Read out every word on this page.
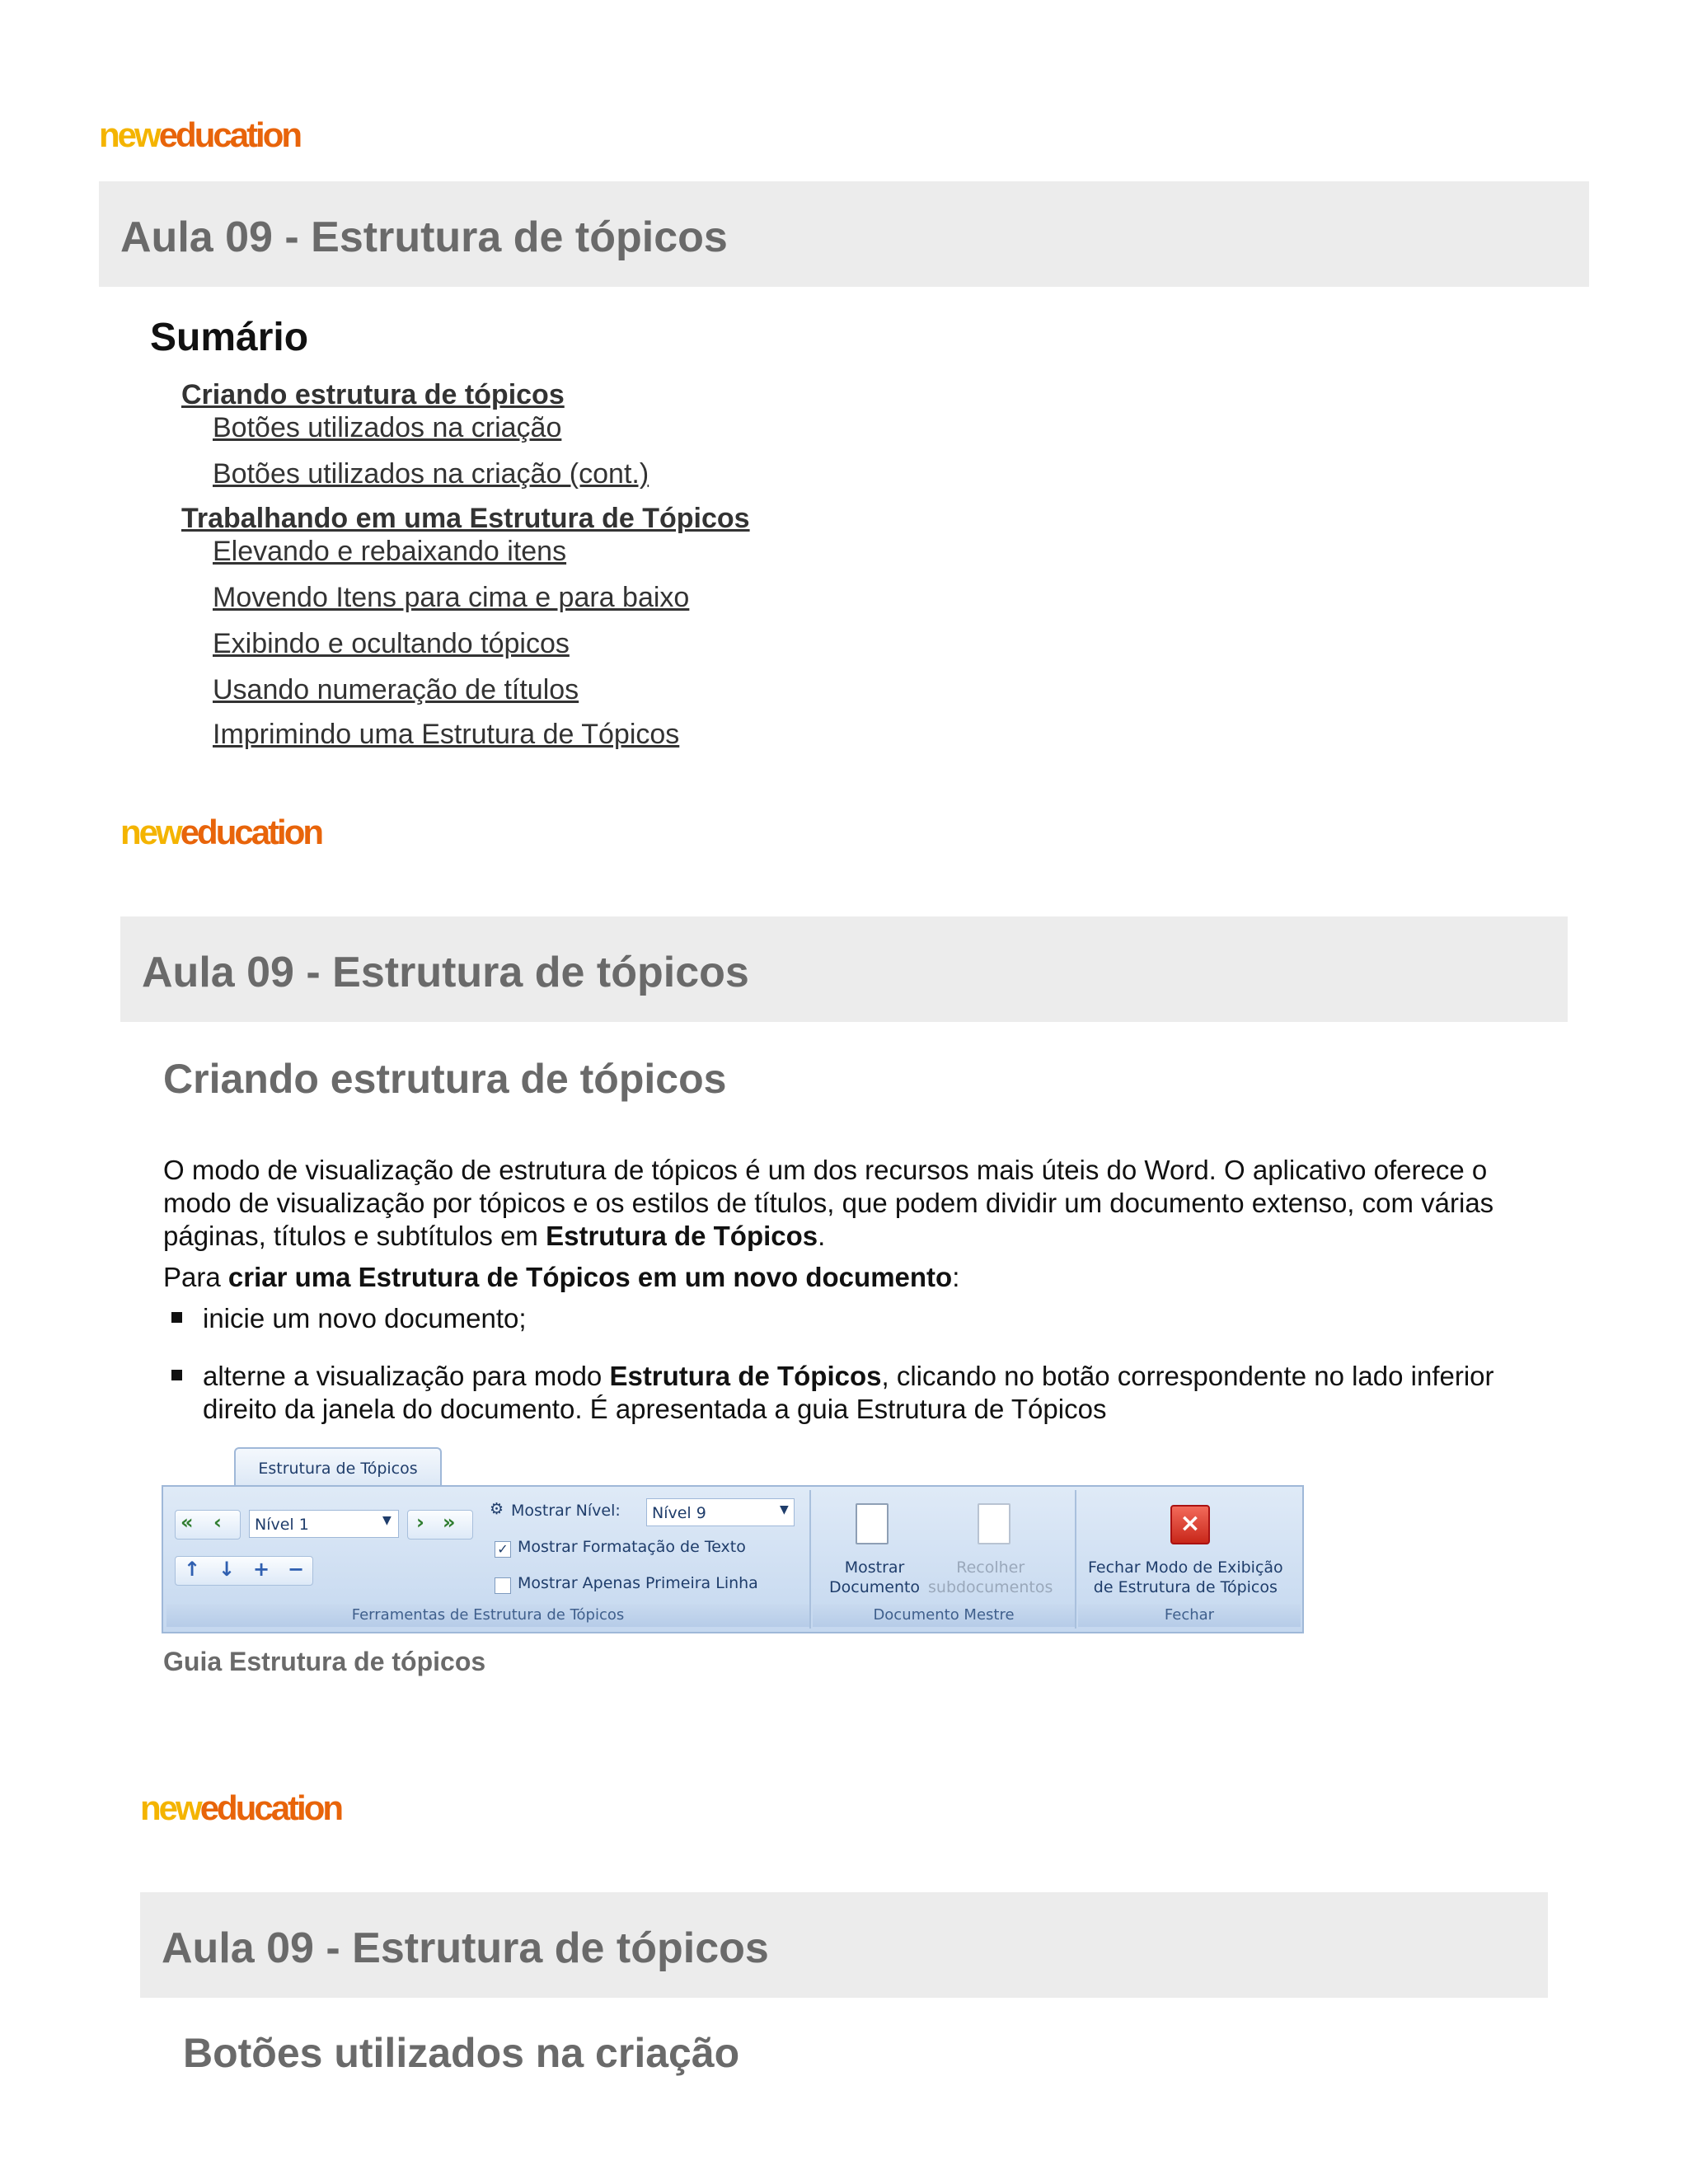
neweducation
Aula 09 - Estrutura de tópicos
Sumário
Criando estrutura de tópicos
Botões utilizados na criação
Botões utilizados na criação (cont.)
Trabalhando em uma Estrutura de Tópicos
Elevando e rebaixando itens
Movendo Itens para cima e para baixo
Exibindo e ocultando tópicos
Usando numeração de títulos
Imprimindo uma Estrutura de Tópicos
neweducation
Aula 09 - Estrutura de tópicos
Criando estrutura de tópicos
O modo de visualização de estrutura de tópicos é um dos recursos mais úteis do Word. O aplicativo oferece o modo de visualização por tópicos e os estilos de títulos, que podem dividir um documento extenso, com várias páginas, títulos e subtítulos em Estrutura de Tópicos.
Para criar uma Estrutura de Tópicos em um novo documento:
inicie um novo documento;
alterne a visualização para modo Estrutura de Tópicos, clicando no botão correspondente no lado inferior direito da janela do documento. É apresentada a guia Estrutura de Tópicos
Estrutura de Tópicos
« ‹	Nível 1	▼ › »
↑ ↓ + −
⚙ Mostrar Nível:	Nível 9	▼
✓ Mostrar Formatação de Texto
Mostrar Apenas Primeira Linha
Ferramentas de Estrutura de Tópicos
Mostrar
Documento
Recolher
subdocumentos
Documento Mestre
×
Fechar Modo de Exibição
de Estrutura de Tópicos
Fechar
Guia Estrutura de tópicos
neweducation
Aula 09 - Estrutura de tópicos
Botões utilizados na criação
